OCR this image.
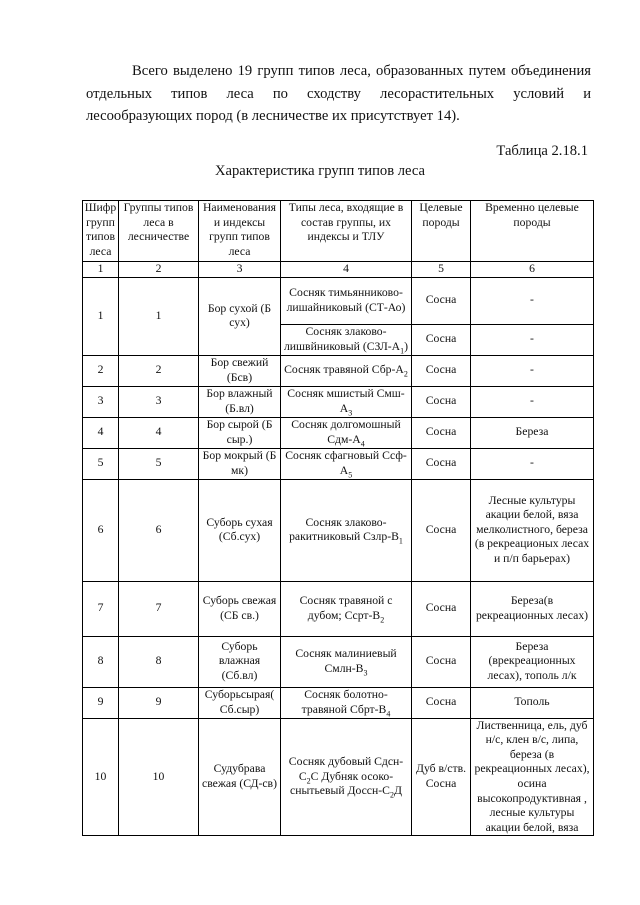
Всего выделено 19 групп типов леса, образованных путем объединения отдельных типов леса по сходству лесорастительных условий и лесообразующих пород (в лесничестве их присутствует 14).
Таблица 2.18.1
Характеристика групп типов леса
Шифр групп типов леса	Группы типов леса в лесничестве	Наименования и индексы групп типов леса	Типы леса, входящие в состав группы, их индексы и ТЛУ	Целевые породы	Временно целевые породы
1	2	3	4	5	6
1	1	Бор сухой (Б сух)	Сосняк тимьянниково-лишайниковый (СТ-Ао)	Сосна	-
			Сосняк злаково-лишвйниковый $(СЗЛ-А_1)$	Сосна	-
2	2	Бор свежий (Бсв)	Сосняк травяной Сбр-$А_2$	Сосна	-
3	3	Бор влажный (Б.вл)	Сосняк мшистый Смш-$А_3$	Сосна	-
4	4	Бор сырой (Б сыр.)	Сосняк долгомошный Сдм-$А_4$	Сосна	Береза
5	5	Бор мокрый (Б мк)	Сосняк сфагновый Ссф-$А_5$	Сосна	-
6	6	Суборь сухая (Сб.сух)	Сосняк злаково-ракитниковый Сзлр-$В_1$	Сосна	Лесные культуры акации белой, вяза мелколистного, березa (в рекреационых лесах и п/п барьерах)
7	7	Суборь свежая (СБ св.)	Сосняк травяной с дубом; Ссрт-$В_2$	Сосна	Береза(в рекреационных лесах)
8	8	Суборь влажная (Сб.вл)	Сосняк малиниевый Смлн-$В_3$	Сосна	Береза (врекреационных лесах), тополь л/к
9	9	Суборьсырая( Сб.сыр)	Сосняк болотно-травяной Сбрт-$В_4$	Сосна	Тополь
10	10	Судубрава свежая (СД-св)	Сосняк дубовый Сдсн-$С_2С$ Дубняк осоко-снытьевый Доссн-$С_2Д$	Дуб в/ств. Сосна	Лиственница, ель, дуб н/с, клен в/с, липа, береза (в рекреационных лесах), осина высокопродуктивная , лесные культуры акации белой, вяза
